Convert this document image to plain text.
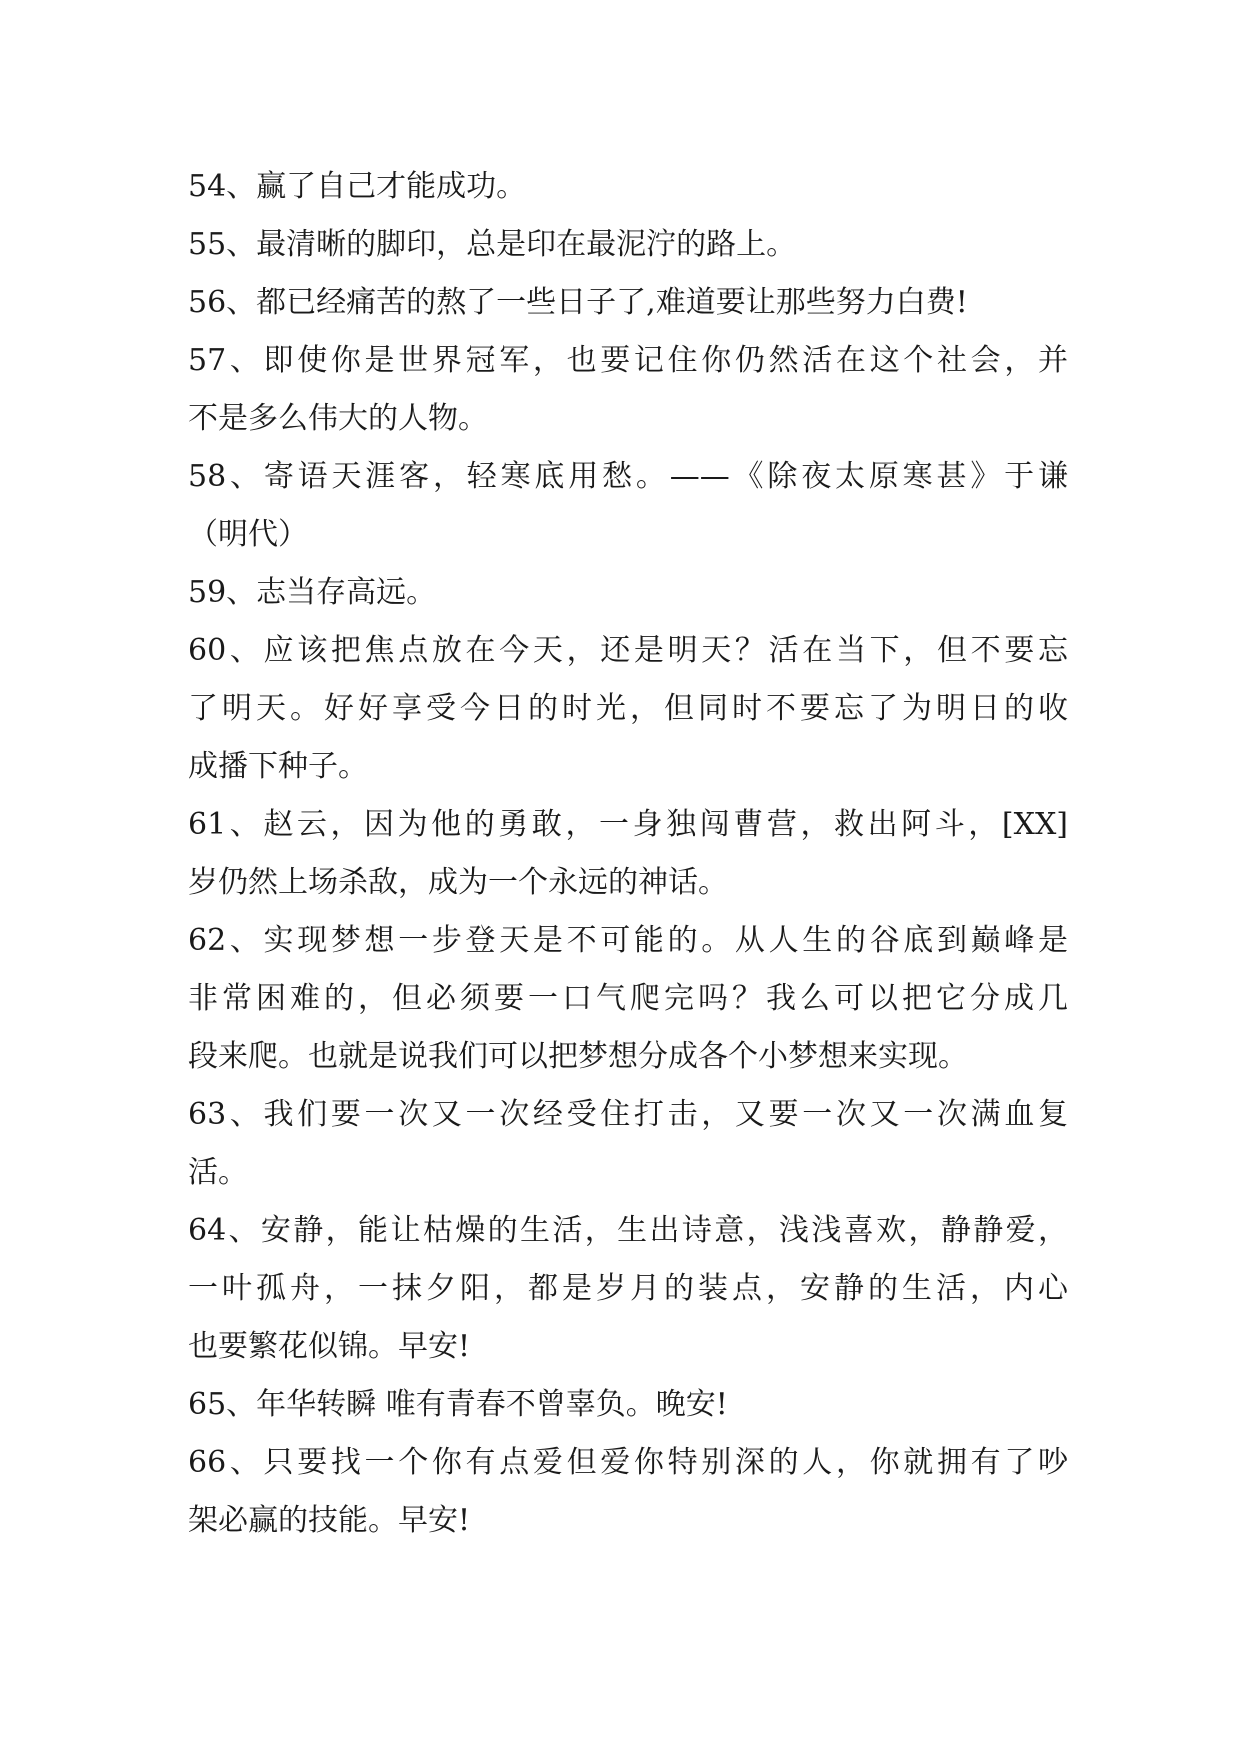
54、赢了自己才能成功。
55、最清晰的脚印，总是印在最泥泞的路上。
56、都已经痛苦的熬了一些日子了,难道要让那些努力白费!
57、即使你是世界冠军，也要记住你仍然活在这个社会，并
不是多么伟大的人物。
58、寄语天涯客，轻寒底用愁。——《除夜太原寒甚》于谦
（明代）
59、志当存高远。
60、应该把焦点放在今天，还是明天？活在当下，但不要忘
了明天。好好享受今日的时光，但同时不要忘了为明日的收
成播下种子。
61、赵云，因为他的勇敢，一身独闯曹营，救出阿斗，[XX]
岁仍然上场杀敌，成为一个永远的神话。
62、实现梦想一步登天是不可能的。从人生的谷底到巅峰是
非常困难的，但必须要一口气爬完吗？我么可以把它分成几
段来爬。也就是说我们可以把梦想分成各个小梦想来实现。
63、我们要一次又一次经受住打击，又要一次又一次满血复
活。
64、安静，能让枯燥的生活，生出诗意，浅浅喜欢，静静爱，
一叶孤舟，一抹夕阳，都是岁月的装点，安静的生活，内心
也要繁花似锦。早安!
65、年华转瞬 唯有青春不曾辜负。晚安!
66、只要找一个你有点爱但爱你特别深的人，你就拥有了吵
架必赢的技能。早安!
